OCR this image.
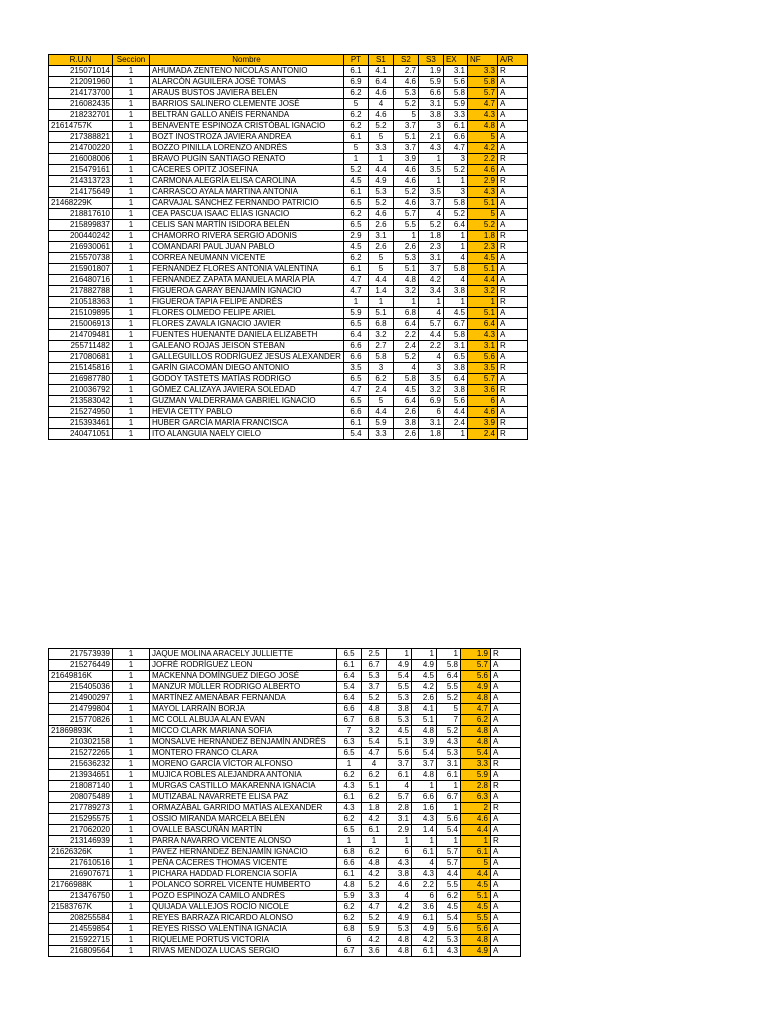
R.U.N	Seccion	Nombre	PT	S1	S2	S3	EX	NF	A/R
215071014	1	AHUMADA ZENTENO NICOLÁS ANTONIO	6.1	4.1	2.7	1.9	3.1	3.3	R
212091960	1	ALARCÓN AGUILERA JOSÉ TOMÁS	6.9	6.4	4.6	5.9	5.6	5.8	A
214173700	1	ARAUS BUSTOS JAVIERA BELÉN	6.2	4.6	5.3	6.6	5.8	5.7	A
216082435	1	BARRIOS SALINERO CLEMENTE JOSÉ	5	4	5.2	3.1	5.9	4.7	A
218232701	1	BELTRÁN GALLO ANÉIS FERNANDA	6.2	4.6	5	3.8	3.3	4.3	A
21614757K	1	BENAVENTE ESPINOZA CRISTÓBAL IGNACIO	6.2	5.2	3.7	3	6.1	4.8	A
217388821	1	BOZT INOSTROZA JAVIERA ANDREA	6.1	5	5.1	2.1	6.6	5	A
214700220	1	BOZZO PINILLA LORENZO ANDRÉS	5	3.3	3.7	4.3	4.7	4.2	A
216008006	1	BRAVO PUGIN SANTIAGO RENATO	1	1	3.9	1	3	2.2	R
215479161	1	CÁCERES OPITZ JOSEFINA	5.2	4.4	4.6	3.5	5.2	4.6	A
214313723	1	CARMONA ALEGRÍA ELISA CAROLINA	4.5	4.9	4.6	1	1	2.9	R
214175649	1	CARRASCO AYALA MARTINA ANTONIA	6.1	5.3	5.2	3.5	3	4.3	A
21468229K	1	CARVAJAL SÁNCHEZ FERNANDO PATRICIO	6.5	5.2	4.6	3.7	5.8	5.1	A
218817610	1	CEA PASCUA ISAAC ELÍAS IGNACIO	6.2	4.6	5.7	4	5.2	5	A
215899837	1	CELIS SAN MARTÍN ISIDORA BELÉN	6.5	2.6	5.5	5.2	6.4	5.2	A
200440242	1	CHAMORRO RIVERA SERGIO ADONIS	2.9	3.1	1	1.8	1	1.8	R
216930061	1	COMANDARI PAUL JUAN PABLO	4.5	2.6	2.6	2.3	1	2.3	R
215570738	1	CORREA NEUMANN VICENTE	6.2	5	5.3	3.1	4	4.5	A
215901807	1	FERNÁNDEZ FLORES ANTONIA VALENTINA	6.1	5	5.1	3.7	5.8	5.1	A
216480716	1	FERNÁNDEZ ZAPATA MANUELA MARÍA PÍA	4.7	4.4	4.8	4.2	4	4.4	A
217882788	1	FIGUEROA GARAY BENJAMÍN IGNACIO	4.7	1.4	3.2	3.4	3.8	3.2	R
210518363	1	FIGUEROA TAPIA FELIPE ANDRÉS	1	1	1	1	1	1	R
215109895	1	FLORES OLMEDO FELIPE ARIEL	5.9	5.1	6.8	4	4.5	5.1	A
215006913	1	FLORES ZAVALA IGNACIO JAVIER	6.5	6.8	6.4	5.7	6.7	6.4	A
214709481	1	FUENTES HUENANTE DANIELA ELIZABETH	6.4	3.2	2.2	4.4	5.8	4.3	A
255711482	1	GALEANO ROJAS JEISON STEBAN	6.6	2.7	2.4	2.2	3.1	3.1	R
217080681	1	GALLEGUILLOS RODRÍGUEZ JESÚS ALEXANDER	6.6	5.8	5.2	4	6.5	5.6	A
215145816	1	GARÍN GIACOMÁN DIEGO ANTONIO	3.5	3	4	3	3.8	3.5	R
216987780	1	GODOY TASTETS MATÍAS RODRIGO	6.5	6.2	5.8	3.5	6.4	5.7	A
210036792	1	GÓMEZ CALIZAYA JAVIERA SOLEDAD	4.7	2.4	4.5	3.2	3.8	3.6	R
213583042	1	GUZMAN VALDERRAMA GABRIEL IGNACIO	6.5	5	6.4	6.9	5.6	6	A
215274950	1	HEVIA CETTY PABLO	6.6	4.4	2.6	6	4.4	4.6	A
215393461	1	HUBER GARCÍA MARÍA FRANCISCA	6.1	5.9	3.8	3.1	2.4	3.9	R
240471051	1	ITO ALANGUIA NAELY CIELO	5.4	3.3	2.6	1.8	1	2.4	R
217573939	1	JAQUE MOLINA ARACELY JULLIETTE	6.5	2.5	1	1	1	1.9	R
215276449	1	JOFRÉ RODRÍGUEZ LEON	6.1	6.7	4.9	4.9	5.8	5.7	A
21649816K	1	MACKENNA DOMÍNGUEZ DIEGO JOSÉ	6.4	5.3	5.4	4.5	6.4	5.6	A
215405036	1	MANZUR MÜLLER RODRIGO ALBERTO	5.4	3.7	5.5	4.2	5.5	4.9	A
214900297	1	MARTÍNEZ AMENÁBAR FERNANDA	6.4	5.2	5.3	2.6	5.2	4.8	A
214799804	1	MAYOL LARRAÍN BORJA	6.6	4.8	3.8	4.1	5	4.7	A
215770826	1	MC COLL ALBUJA ALAN EVAN	6.7	6.8	5.3	5.1	7	6.2	A
21869893K	1	MICCO CLARK MARIANA SOFIA	7	3.2	4.5	4.8	5.2	4.8	A
210302158	1	MONSALVE HERNÁNDEZ BENJAMÍN ANDRÉS	6.3	5.4	5.1	3.9	4.3	4.8	A
215272265	1	MONTERO FRANCO CLARA	6.5	4.7	5.6	5.4	5.3	5.4	A
215636232	1	MORENO GARCÍA VÍCTOR ALFONSO	1	4	3.7	3.7	3.1	3.3	R
213934651	1	MUJICA ROBLES ALEJANDRA ANTONIA	6.2	6.2	6.1	4.8	6.1	5.9	A
218087140	1	MURGAS CASTILLO MAKARENNA IGNACIA	4.3	5.1	4	1	1	2.8	R
208075489	1	MUTIZABAL NAVARRETE ELISA PAZ	6.1	6.2	5.7	6.6	6.7	6.3	A
217789273	1	ORMAZÁBAL GARRIDO MATÍAS ALEXANDER	4.3	1.8	2.8	1.6	1	2	R
215295575	1	OSSIO MIRANDA MARCELA BELÉN	6.2	4.2	3.1	4.3	5.6	4.6	A
217062020	1	OVALLE BASCUÑÁN MARTÍN	6.5	6.1	2.9	1.4	5.4	4.4	A
213146939	1	PARRA NAVARRO VICENTE ALONSO	1	1	1	1	1	1	R
21626326K	1	PAVEZ HERNÁNDEZ BENJAMÍN IGNACIO	6.8	6.2	6	6.1	5.7	6.1	A
217610516	1	PEÑA CÁCERES THOMAS VICENTE	6.6	4.8	4.3	4	5.7	5	A
216907671	1	PICHARA HADDAD FLORENCIA SOFÍA	6.1	4.2	3.8	4.3	4.4	4.4	A
21766988K	1	POLANCO SORREL VICENTE HUMBERTO	4.8	5.2	4.6	2.2	5.5	4.5	A
213476750	1	POZO ESPINOZA CAMILO ANDRÉS	5.9	3.3	4	6	6.2	5.1	A
21583767K	1	QUIJADA VALLEJOS ROCÍO NICOLE	6.2	4.7	4.2	3.6	4.5	4.5	A
208255584	1	REYES BARRAZA RICARDO ALONSO	6.2	5.2	4.9	6.1	5.4	5.5	A
214559854	1	REYES RISSO VALENTINA IGNACIA	6.8	5.9	5.3	4.9	5.6	5.6	A
215922715	1	RIQUELME PORTUS VICTORIA	6	4.2	4.8	4.2	5.3	4.8	A
216809564	1	RIVAS MENDOZA LUCAS SERGIO	6.7	3.6	4.8	6.1	4.3	4.9	A
